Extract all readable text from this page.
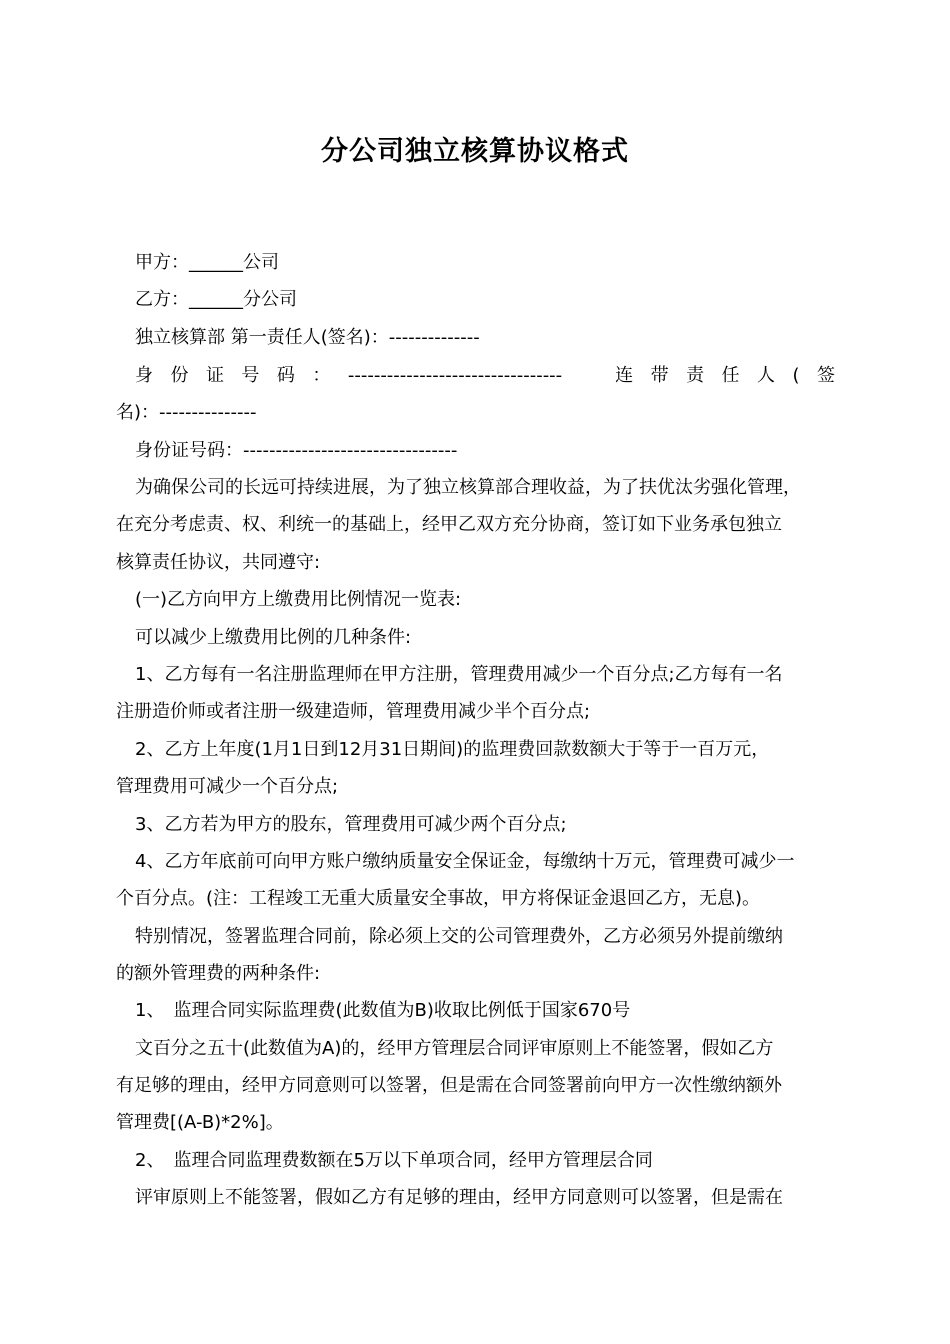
分公司独立核算协议格式
甲方：______公司
乙方：______分公司
独立核算部 第一责任人(签名)：--------------
身份证号码：---------------------------------　连带责任人(签
名)：---------------
身份证号码：---------------------------------
为确保公司的长远可持续进展，为了独立核算部合理收益，为了扶优汰劣强化管理，
在充分考虑责、权、利统一的基础上，经甲乙双方充分协商，签订如下业务承包独立
核算责任协议，共同遵守:
(一)乙方向甲方上缴费用比例情况一览表:
可以减少上缴费用比例的几种条件:
1、乙方每有一名注册监理师在甲方注册，管理费用减少一个百分点;乙方每有一名
注册造价师或者注册一级建造师，管理费用减少半个百分点;
2、乙方上年度(1月1日到12月31日期间)的监理费回款数额大于等于一百万元，
管理费用可减少一个百分点;
3、乙方若为甲方的股东，管理费用可减少两个百分点;
4、乙方年底前可向甲方账户缴纳质量安全保证金，每缴纳十万元，管理费可减少一
个百分点。(注：工程竣工无重大质量安全事故，甲方将保证金退回乙方，无息)。
特别情况，签署监理合同前，除必须上交的公司管理费外，乙方必须另外提前缴纳
的额外管理费的两种条件:
1、　监理合同实际监理费(此数值为B)收取比例低于国家670号
文百分之五十(此数值为A)的，经甲方管理层合同评审原则上不能签署，假如乙方
有足够的理由，经甲方同意则可以签署，但是需在合同签署前向甲方一次性缴纳额外
管理费[(A-B)*2%]。
2、　监理合同监理费数额在5万以下单项合同，经甲方管理层合同
评审原则上不能签署，假如乙方有足够的理由，经甲方同意则可以签署，但是需在
